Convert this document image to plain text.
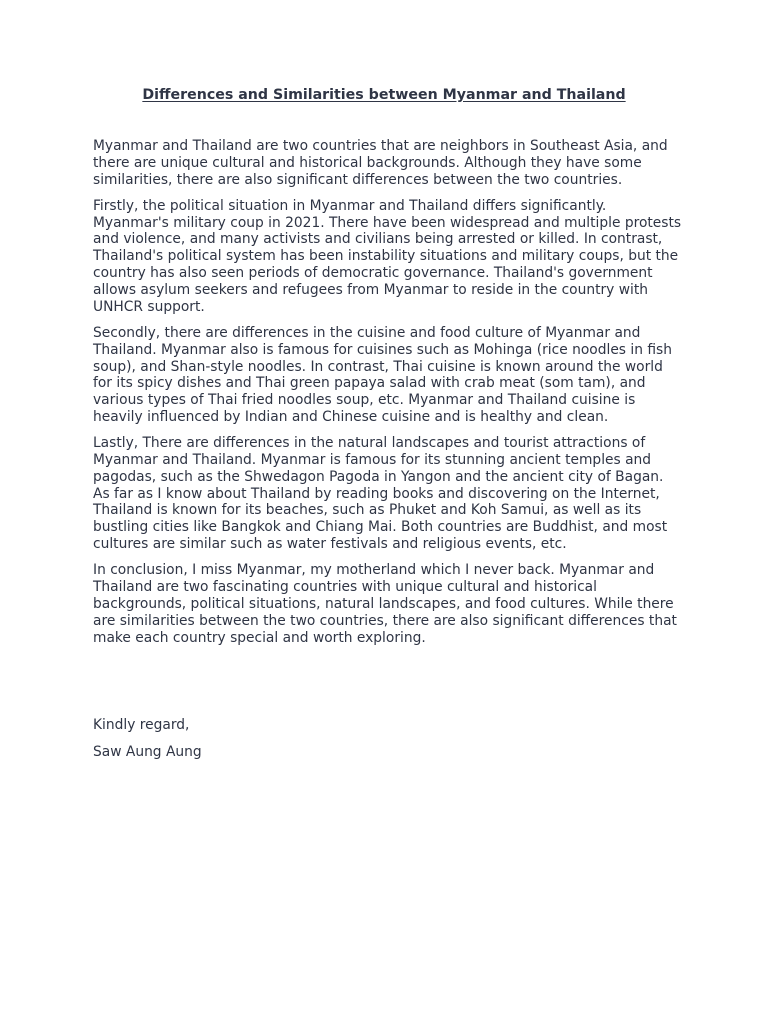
Differences and Similarities between Myanmar and Thailand

Myanmar and Thailand are two countries that are neighbors in Southeast Asia, and there are unique cultural and historical backgrounds. Although they have some similarities, there are also significant differences between the two countries.

Firstly, the political situation in Myanmar and Thailand differs significantly. Myanmar's military coup in 2021. There have been widespread and multiple protests and violence, and many activists and civilians being arrested or killed. In contrast, Thailand's political system has been instability situations and military coups, but the country has also seen periods of democratic governance. Thailand's government allows asylum seekers and refugees from Myanmar to reside in the country with UNHCR support.

Secondly, there are differences in the cuisine and food culture of Myanmar and Thailand. Myanmar also is famous for cuisines such as Mohinga (rice noodles in fish soup), and Shan-style noodles. In contrast, Thai cuisine is known around the world for its spicy dishes and Thai green papaya salad with crab meat (som tam), and various types of Thai fried noodles soup, etc. Myanmar and Thailand cuisine is heavily influenced by Indian and Chinese cuisine and is healthy and clean.

Lastly, There are differences in the natural landscapes and tourist attractions of Myanmar and Thailand. Myanmar is famous for its stunning ancient temples and pagodas, such as the Shwedagon Pagoda in Yangon and the ancient city of Bagan. As far as I know about Thailand by reading books and discovering on the Internet, Thailand is known for its beaches, such as Phuket and Koh Samui, as well as its bustling cities like Bangkok and Chiang Mai. Both countries are Buddhist, and most cultures are similar such as water festivals and religious events, etc.

In conclusion, I miss Myanmar, my motherland which I never back. Myanmar and Thailand are two fascinating countries with unique cultural and historical backgrounds, political situations, natural landscapes, and food cultures. While there are similarities between the two countries, there are also significant differences that make each country special and worth exploring.

Kindly regard,

Saw Aung Aung
